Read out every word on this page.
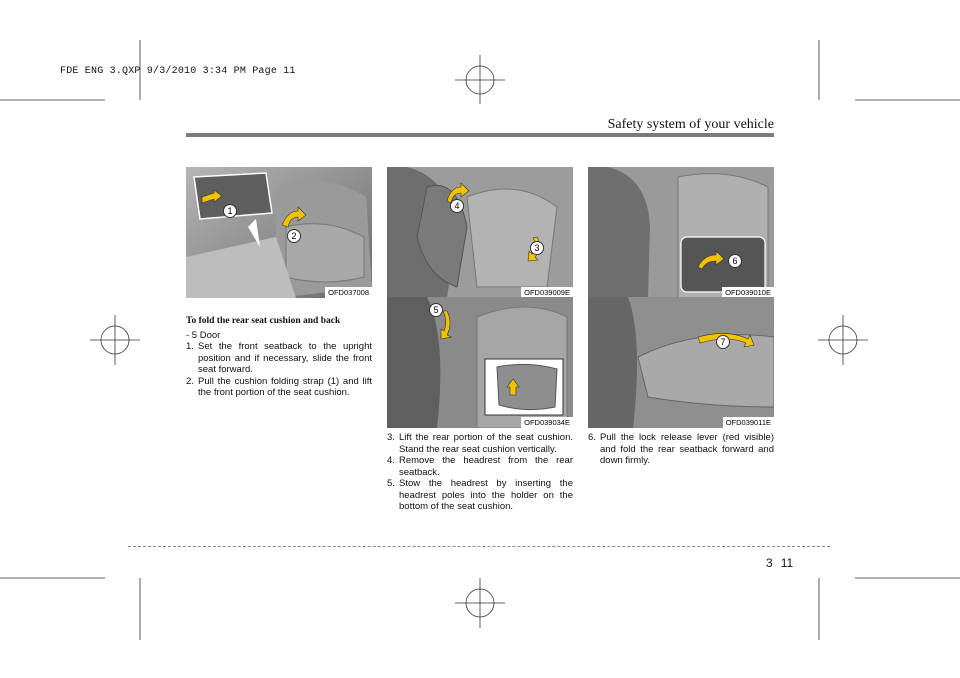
FDE ENG 3.QXP 9/3/2010 3:34 PM Page 11
Safety system of your vehicle
1
2
OFD037008
4
3
OFD039009E
5
OFD039034E
6
OFD039010E
7
OFD039011E

To fold the rear seat cushion and back

- 5 Door

1. Set the front seatback to the upright position and if necessary, slide the front seat forward.
2. Pull the cushion folding strap (1) and lift the front portion of the seat cushion.
3. Lift the rear portion of the seat cushion. Stand the rear seat cushion vertically.
4. Remove the headrest from the rear seatback.
5. Stow the headrest by inserting the headrest poles into the holder on the bottom of the seat cushion.
6. Pull the lock release lever (red visible) and fold the rear seatback forward and down firmly.
3 11
